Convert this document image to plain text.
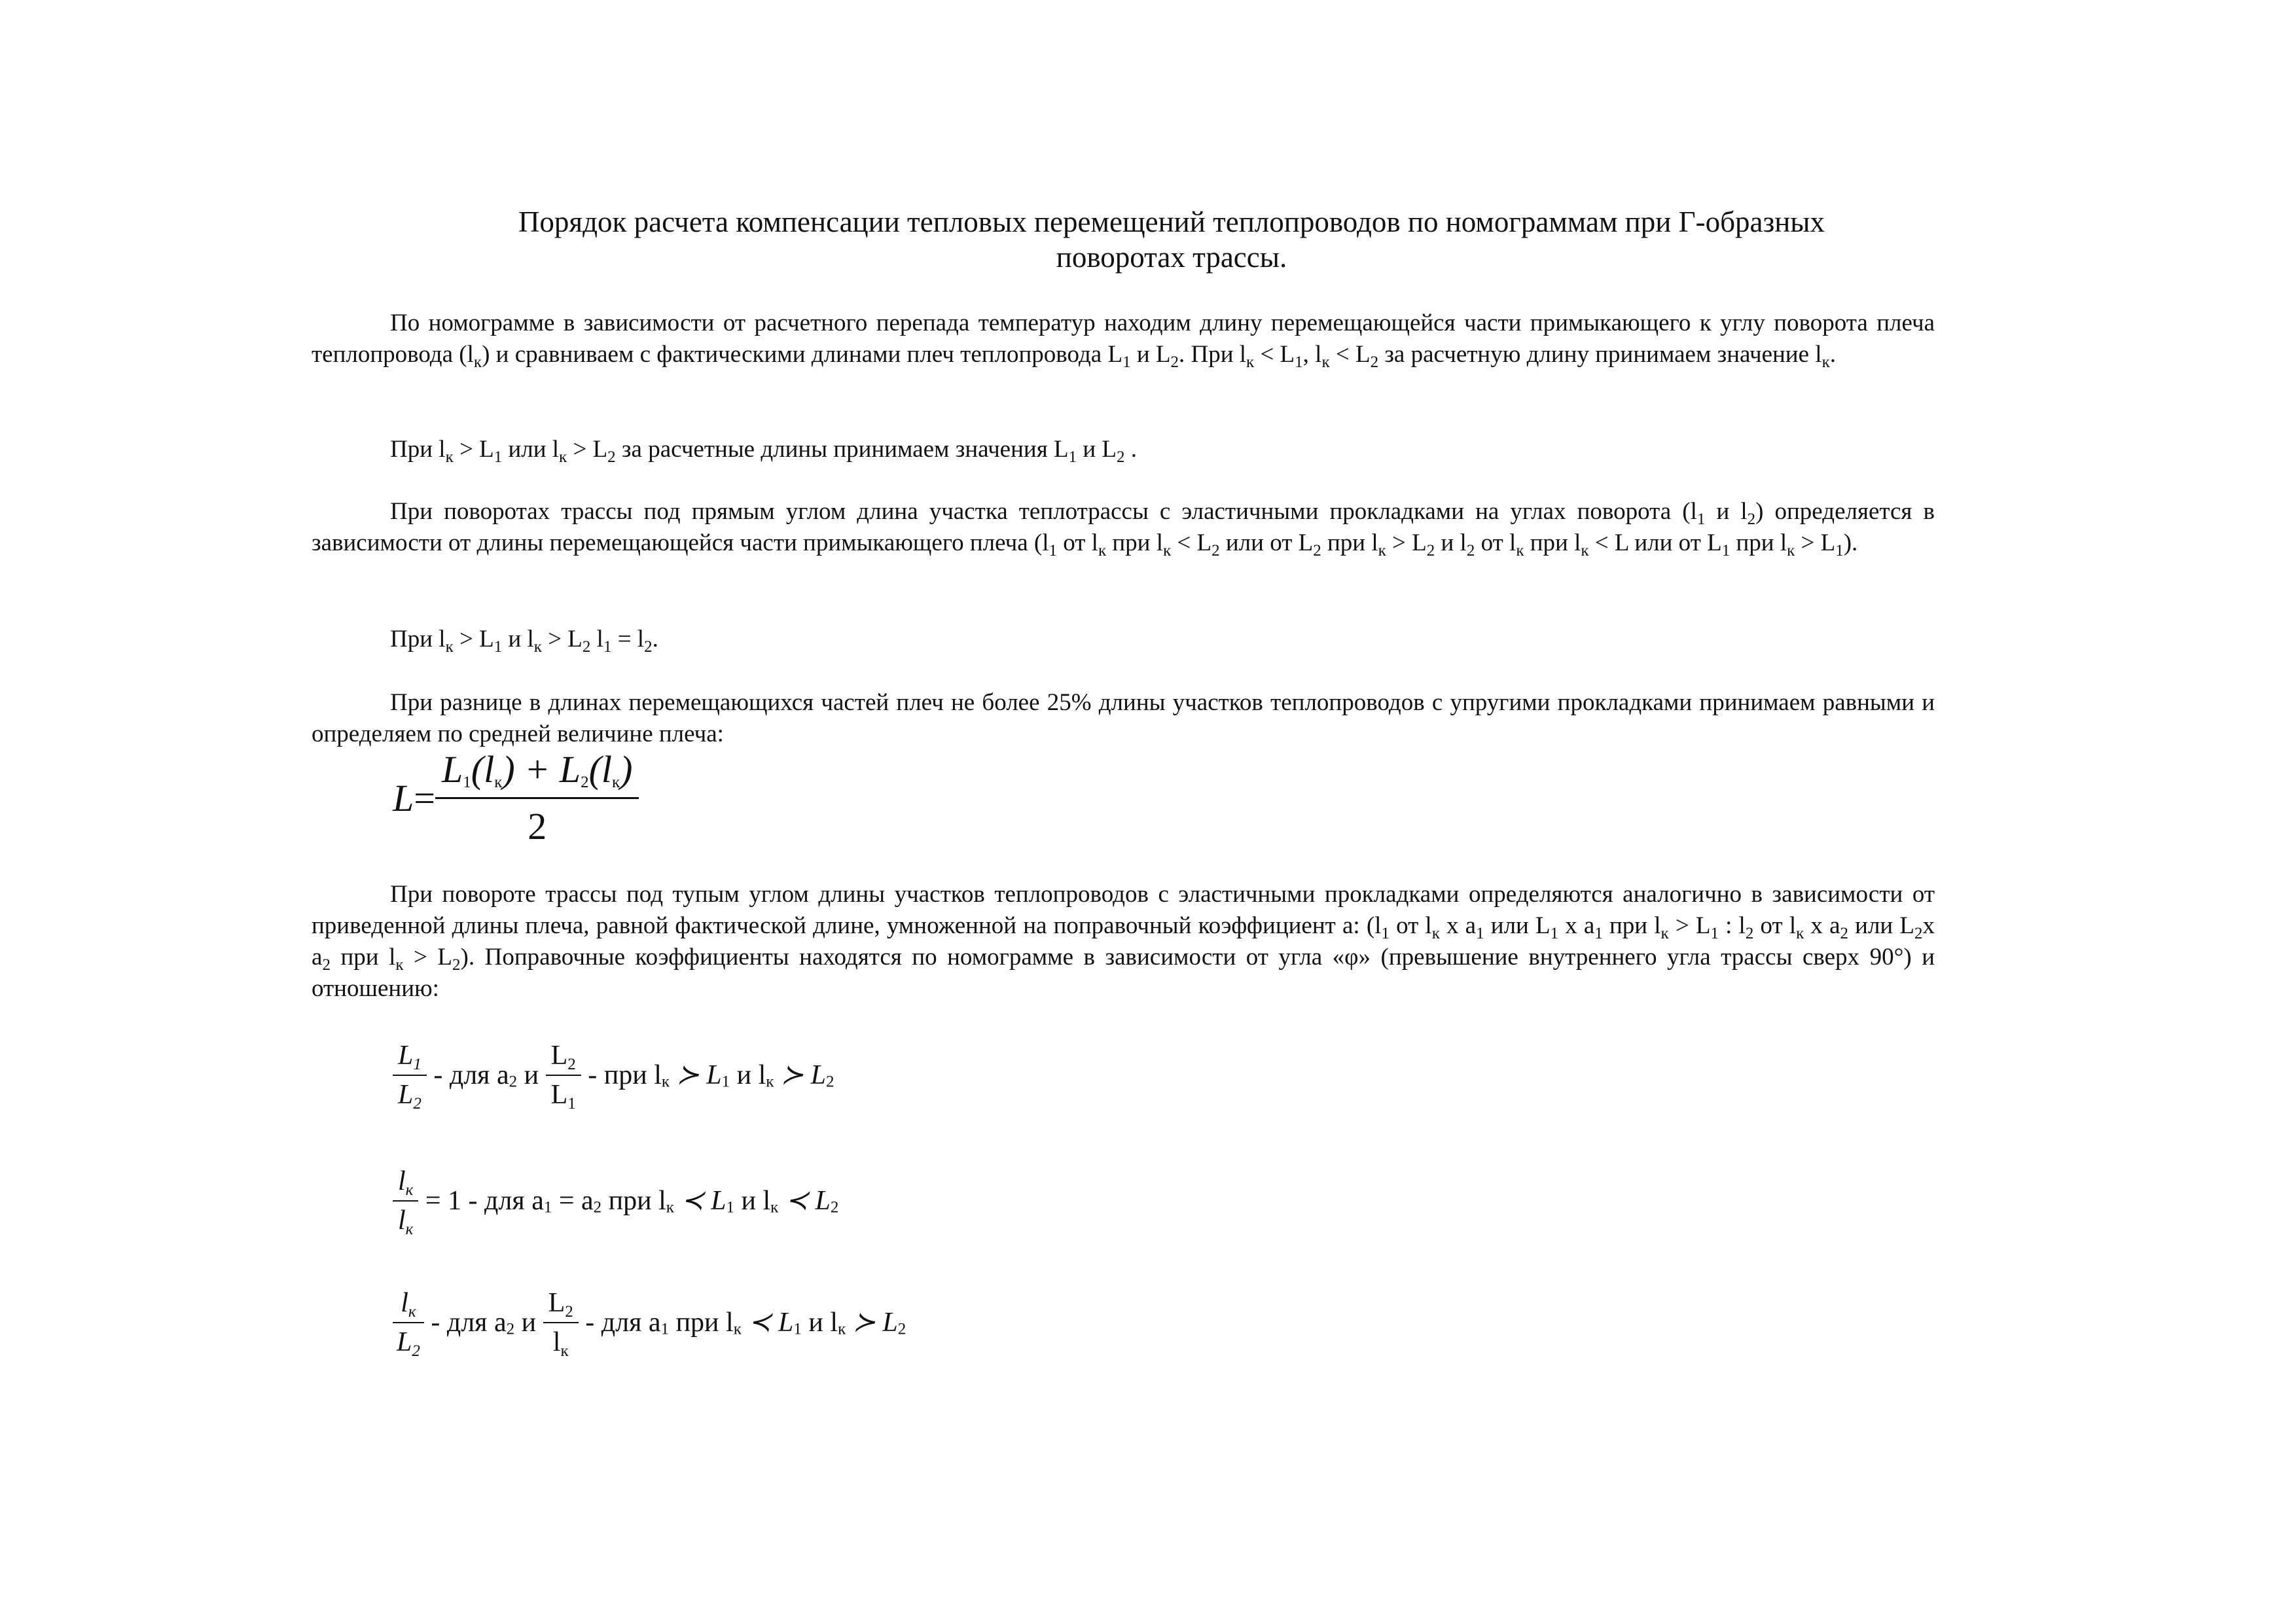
Порядок расчета компенсации тепловых перемещений теплопроводов по номограммам при Г-образных
поворотах трассы.
По номограмме в зависимости от расчетного перепада температур находим длину перемещающейся части примыкающего к углу поворота плеча теплопровода $(l_к)$ и сравниваем с фактическими длинами плеч теплопровода $L_1$ и $L_2$. При $l_к < L_1$, $l_к < L_2$ за расчетную длину принимаем значение $l_к$.
При $l_к > L_1$ или $l_к > L_2$ за расчетные длины принимаем значения $L_1$ и $L_2$ .
При поворотах трассы под прямым углом длина участка теплотрассы с эластичными прокладками на углах поворота ($l_1$ и $l_2$) определяется в зависимости от длины перемещающейся части примыкающего плеча ($l_1$ от $l_к$ при $l_к < L_2$ или от $L_2$ при $l_к > L_2$ и $l_2$ от $l_к$ при $l_к < L$ или от $L_1$ при $l_к > L_1$).
При $l_к > L_1$ и $l_к > L_2$ $l_1 = l_2$.
При разнице в длинах перемещающихся частей плеч не более 25% длины участков теплопроводов с упругими прокладками принимаем равными и определяем по средней величине плеча:
$L= \frac{L_1(l_к) + L_2(l_к)}{2}$
При повороте трассы под тупым углом длины участков теплопроводов с эластичными прокладками определяются аналогично в зависимости от приведенной длины плеча, равной фактической длине, умноженной на поправочный коэффициент а: ($l_1$ от $l_к$ х $а_1$ или $L_1$ х $а_1$ при $l_к > L_1$ : $l_2$ от $l_к$ х $а_2$ или $L_2х$ $а_2$ при $l_к > L_2$). Поправочные коэффициенты находятся по номограмме в зависимости от угла «φ» (превышение внутреннего угла трассы сверх 90°) и отношению:
$\frac{L_1}{L_2}$ - для $а_2$ и $\frac{L_2}{L_1}$ - при $l_к$ ≻ $L_1$ и $l_к$ ≻ $L_2$
$\frac{l_к}{l_к} = 1$ - для $а_1 = а_2$ при $l_к$ ≺ $L_1$ и $l_к$ ≺ $L_2$
$\frac{l_к}{L_2}$ - для $а_2$ и $\frac{L_2}{l_к}$ - для $а_1$ при $l_к$ ≺ $L_1$ и $l_к$ ≻ $L_2$
